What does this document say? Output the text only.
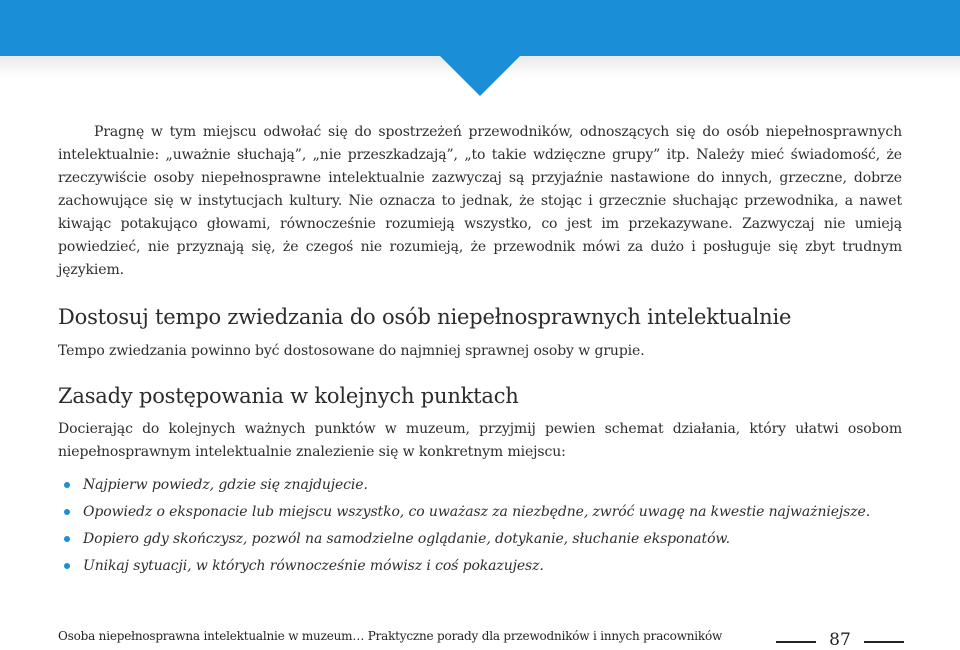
Pragnę w tym miejscu odwołać się do spostrzeżeń przewodników, odnoszących się do osób niepełnosprawnych intelektualnie: „uważnie słuchają”, „nie przeszkadzają”, „to takie wdzięczne grupy” itp. Należy mieć świadomość, że rzeczywiście osoby niepełnosprawne intelektualnie zazwyczaj są przyjaźnie nastawione do innych, grzeczne, dobrze zachowujące się w instytucjach kultury. Nie oznacza to jednak, że stojąc i grzecznie słuchając przewodnika, a nawet kiwając potakująco głowami, równocześnie rozumieją wszystko, co jest im przekazywane. Zazwyczaj nie umieją powiedzieć, nie przyznają się, że czegoś nie rozumieją, że przewodnik mówi za dużo i posługuje się zbyt trudnym językiem.

Dostosuj tempo zwiedzania do osób niepełnosprawnych intelektualnie

Tempo zwiedzania powinno być dostosowane do najmniej sprawnej osoby w grupie.

Zasady postępowania w kolejnych punktach

Docierając do kolejnych ważnych punktów w muzeum, przyjmij pewien schemat działania, który ułatwi osobom niepełnosprawnym intelektualnie znalezienie się w konkretnym miejscu:

Najpierw powiedz, gdzie się znajdujecie.
Opowiedz o eksponacie lub miejscu wszystko, co uważasz za niezbędne, zwróć uwagę na kwestie najważniejsze.
Dopiero gdy skończysz, pozwól na samodzielne oglądanie, dotykanie, słuchanie eksponatów.
Unikaj sytuacji, w których równocześnie mówisz i coś pokazujesz.
Osoba niepełnosprawna intelektualnie w muzeum… Praktyczne porady dla przewodników i innych pracowników	87
